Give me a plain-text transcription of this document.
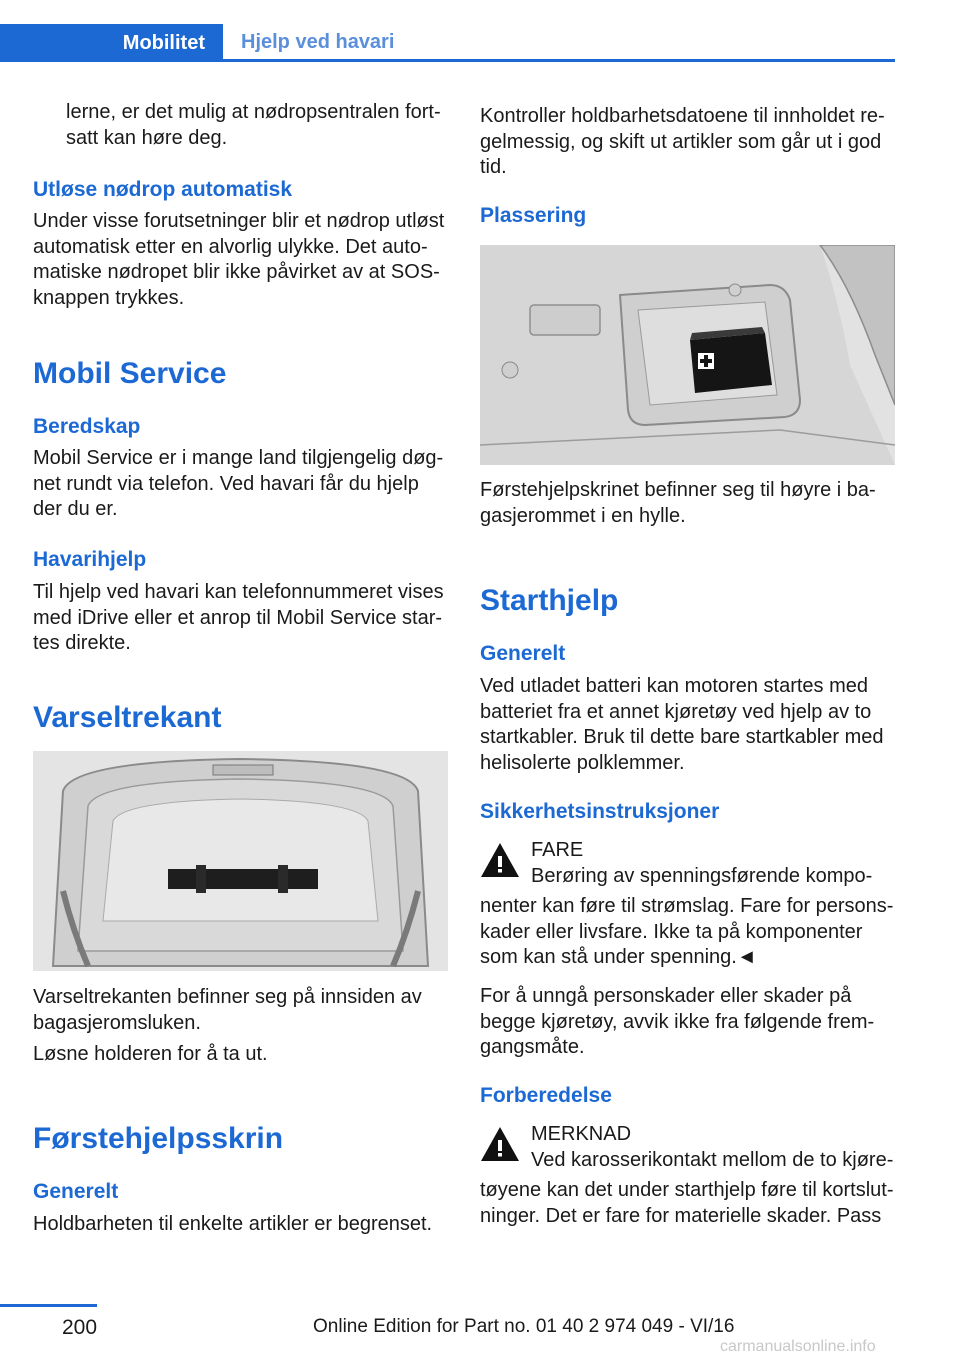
Mobilitet	Hjelp ved havari

lerne, er det mulig at nødropsentralen fort-
satt kan høre deg.

Utløse nødrop automatisk

Under visse forutsetninger blir et nødrop utløst automatisk etter en alvorlig ulykke. Det auto-matiske nødropet blir ikke påvirket av at SOS-knappen trykkes.

Mobil Service
Beredskap

Mobil Service er i mange land tilgjengelig døg-net rundt via telefon. Ved havari får du hjelp der du er.

Havarihjelp

Til hjelp ved havari kan telefonnummeret vises med iDrive eller et anrop til Mobil Service star-tes direkte.

Varseltrekant

Varseltrekanten befinner seg på innsiden av bagasjeromsluken.

Løsne holderen for å ta ut.

Førstehjelpsskrin
Generelt

Holdbarheten til enkelte artikler er begrenset.

Kontroller holdbarhetsdatoene til innholdet re-gelmessig, og skift ut artikler som går ut i god tid.

Plassering

Førstehjelpskrinet befinner seg til høyre i ba-gasjerommet i en hylle.

Starthjelp
Generelt

Ved utladet batteri kan motoren startes med batteriet fra et annet kjøretøy ved hjelp av to startkabler. Bruk til dette bare startkabler med helisolerte polklemmer.

Sikkerhetsinstruksjoner
FARE
Berøring av spenningsførende kompo-

nenter kan føre til strømslag. Fare for persons-kader eller livsfare. Ikke ta på komponenter som kan stå under spenning.◄

For å unngå personskader eller skader på begge kjøretøy, avvik ikke fra følgende frem-gangsmåte.

Forberedelse
MERKNAD
Ved karosserikontakt mellom de to kjøre-

tøyene kan det under starthjelp føre til kortslut-ninger. Det er fare for materielle skader. Pass

200	Online Edition for Part no. 01 40 2 974 049 - VI/16
carmanualsonline.info
